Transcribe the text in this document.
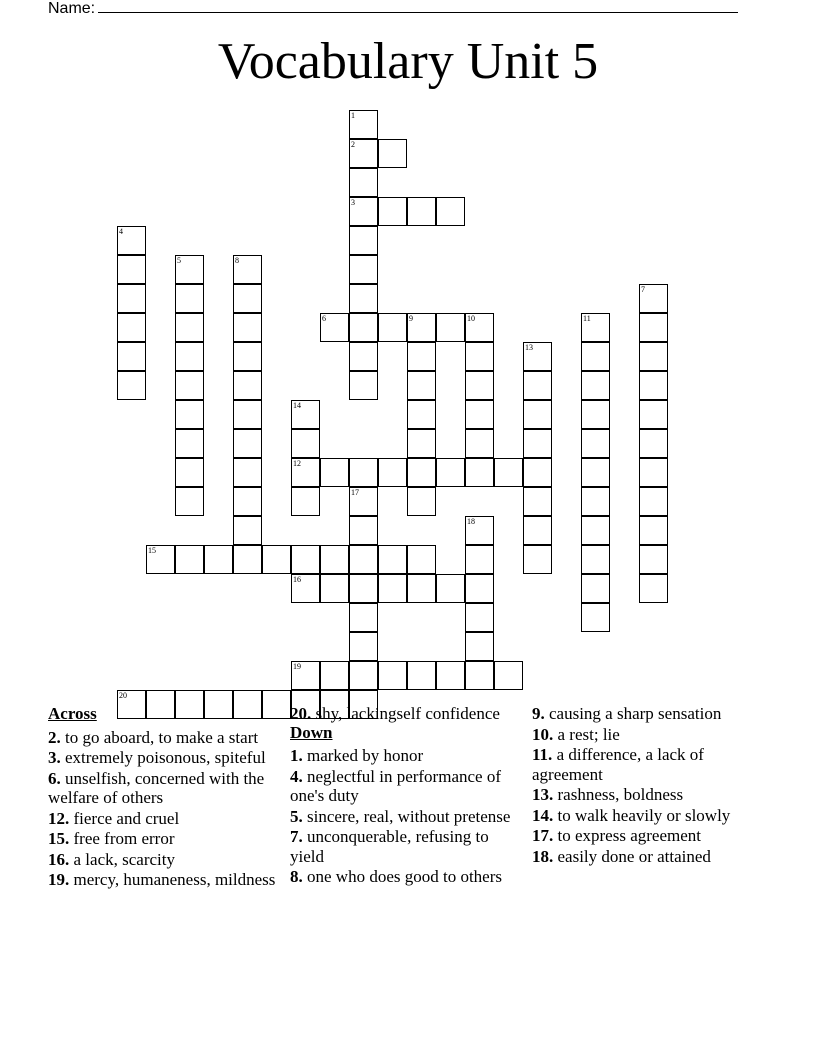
Name:
Vocabulary Unit 5
2
3
6	9
12
15
16
19
20
1
4
5
7
8
10	11
13
14
17
18
Across
2. to go aboard, to make a start
3. extremely poisonous, spiteful
6. unselfish, concerned with the welfare of others
12. fierce and cruel
15. free from error
16. a lack, scarcity
19. mercy, humaneness, mildness
20. shy, lackingself confidence
Down
1. marked by honor
4. neglectful in performance of one's duty
5. sincere, real, without pretense
7. unconquerable, refusing to yield
8. one who does good to others
9. causing a sharp sensation
10. a rest; lie
11. a difference, a lack of agreement
13. rashness, boldness
14. to walk heavily or slowly
17. to express agreement
18. easily done or attained
